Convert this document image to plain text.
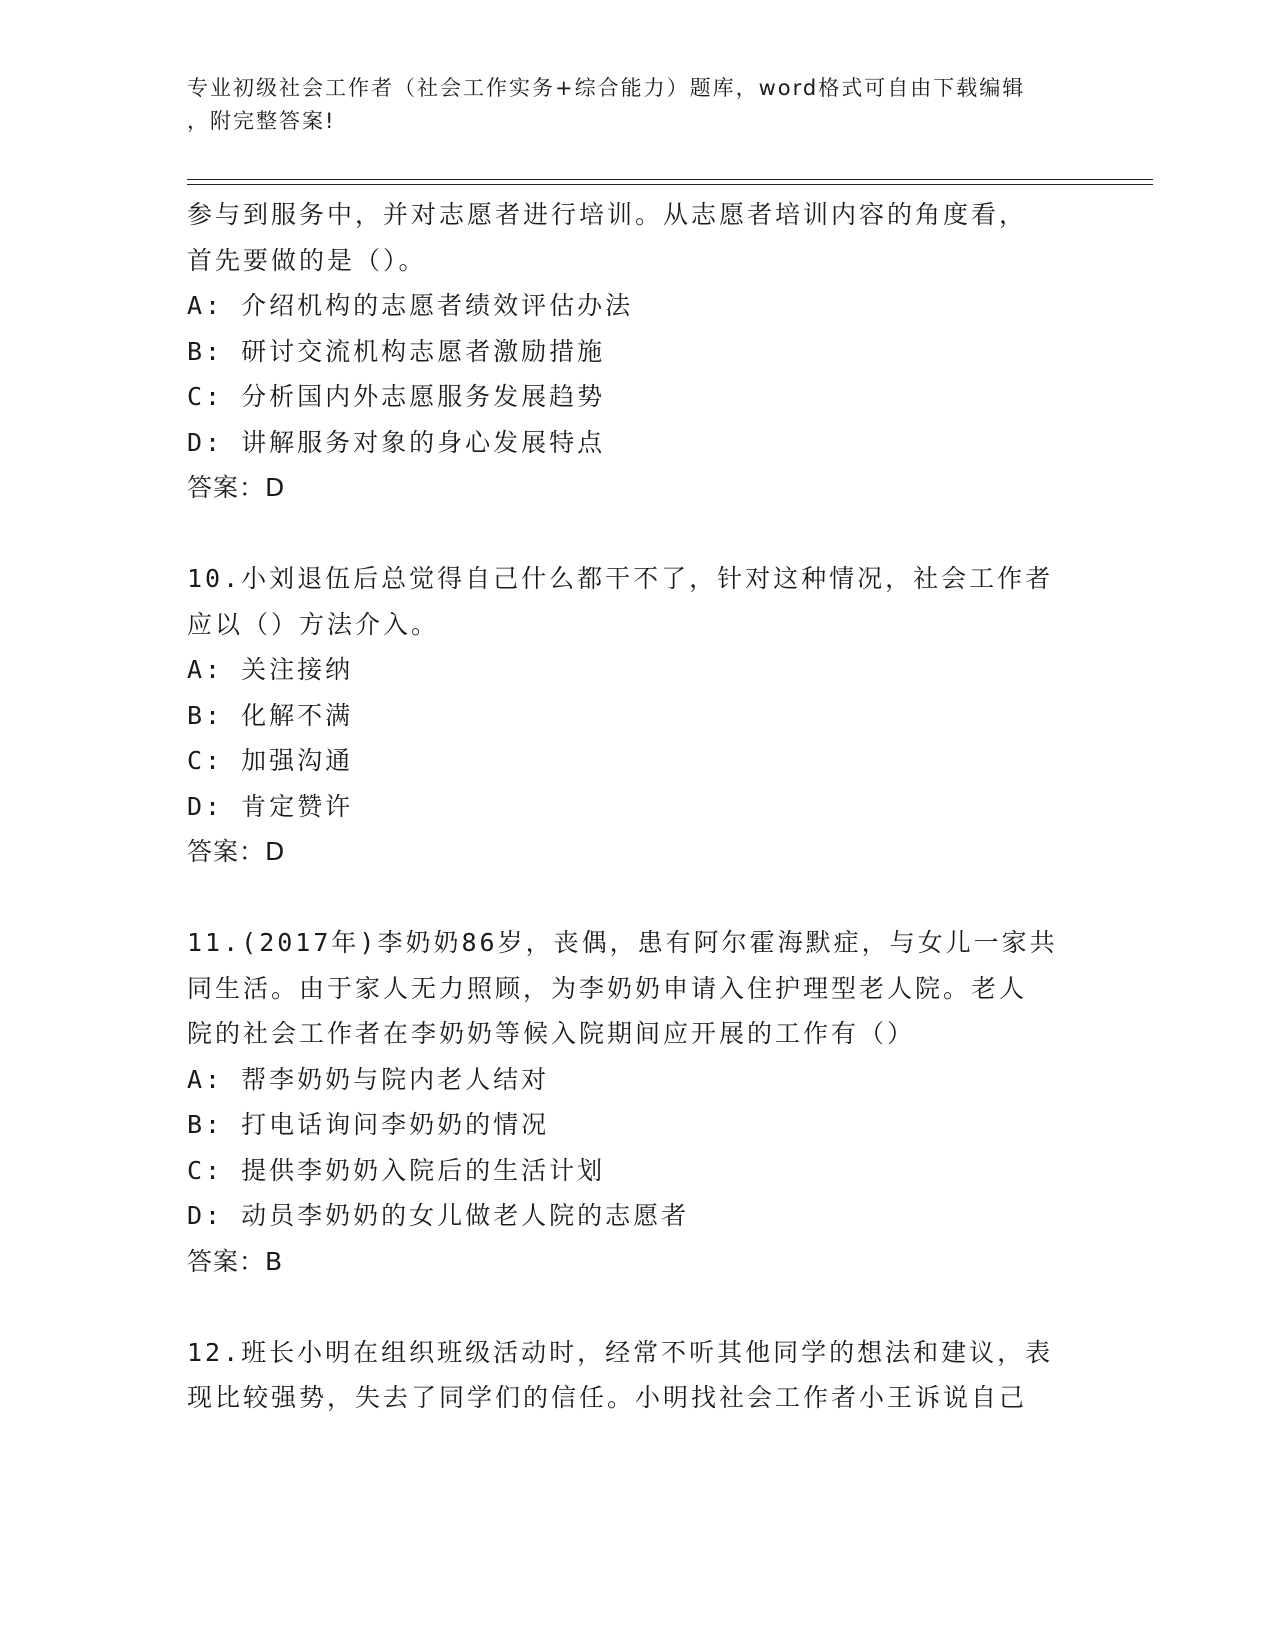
专业初级社会工作者（社会工作实务+综合能力）题库，word格式可自由下载编辑
，附完整答案!
参与到服务中，并对志愿者进行培训。从志愿者培训内容的角度看，
首先要做的是（）。
A: 介绍机构的志愿者绩效评估办法
B: 研讨交流机构志愿者激励措施
C: 分析国内外志愿服务发展趋势
D: 讲解服务对象的身心发展特点
答案：D
10.小刘退伍后总觉得自己什么都干不了，针对这种情况，社会工作者
应以（）方法介入。
A: 关注接纳
B: 化解不满
C: 加强沟通
D: 肯定赞许
答案：D
11.(2017年)李奶奶86岁，丧偶，患有阿尔霍海默症，与女儿一家共
同生活。由于家人无力照顾，为李奶奶申请入住护理型老人院。老人
院的社会工作者在李奶奶等候入院期间应开展的工作有（）
A: 帮李奶奶与院内老人结对
B: 打电话询问李奶奶的情况
C: 提供李奶奶入院后的生活计划
D: 动员李奶奶的女儿做老人院的志愿者
答案：B
12.班长小明在组织班级活动时，经常不听其他同学的想法和建议，表
现比较强势，失去了同学们的信任。小明找社会工作者小王诉说自己
